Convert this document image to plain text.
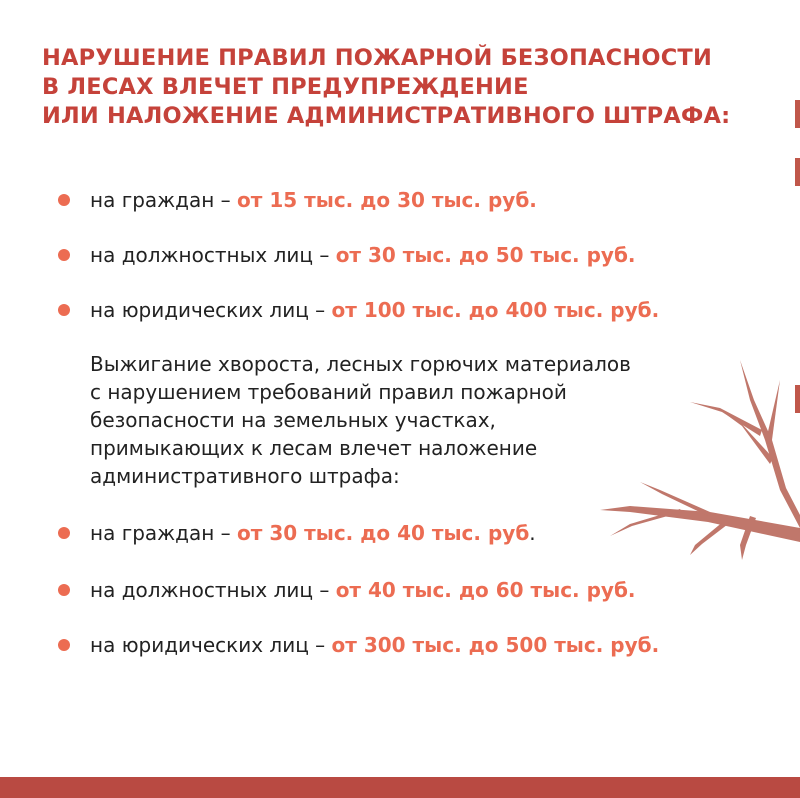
НАРУШЕНИЕ ПРАВИЛ ПОЖАРНОЙ БЕЗОПАСНОСТИ
В ЛЕСАХ ВЛЕЧЕТ ПРЕДУПРЕЖДЕНИЕ
ИЛИ НАЛОЖЕНИЕ АДМИНИСТРАТИВНОГО ШТРАФА:
на граждан – от 15 тыс. до 30 тыс. руб.
на должностных лиц – от 30 тыс. до 50 тыс. руб.
на юридических лиц – от 100 тыс. до 400 тыс. руб.
Выжигание хвороста, лесных горючих материалов
с нарушением требований правил пожарной
безопасности на земельных участках,
примыкающих к лесам влечет наложение
административного штрафа:
на граждан – от 30 тыс. до 40 тыс. руб.
на должностных лиц – от 40 тыс. до 60 тыс. руб.
на юридических лиц – от 300 тыс. до 500 тыс. руб.
